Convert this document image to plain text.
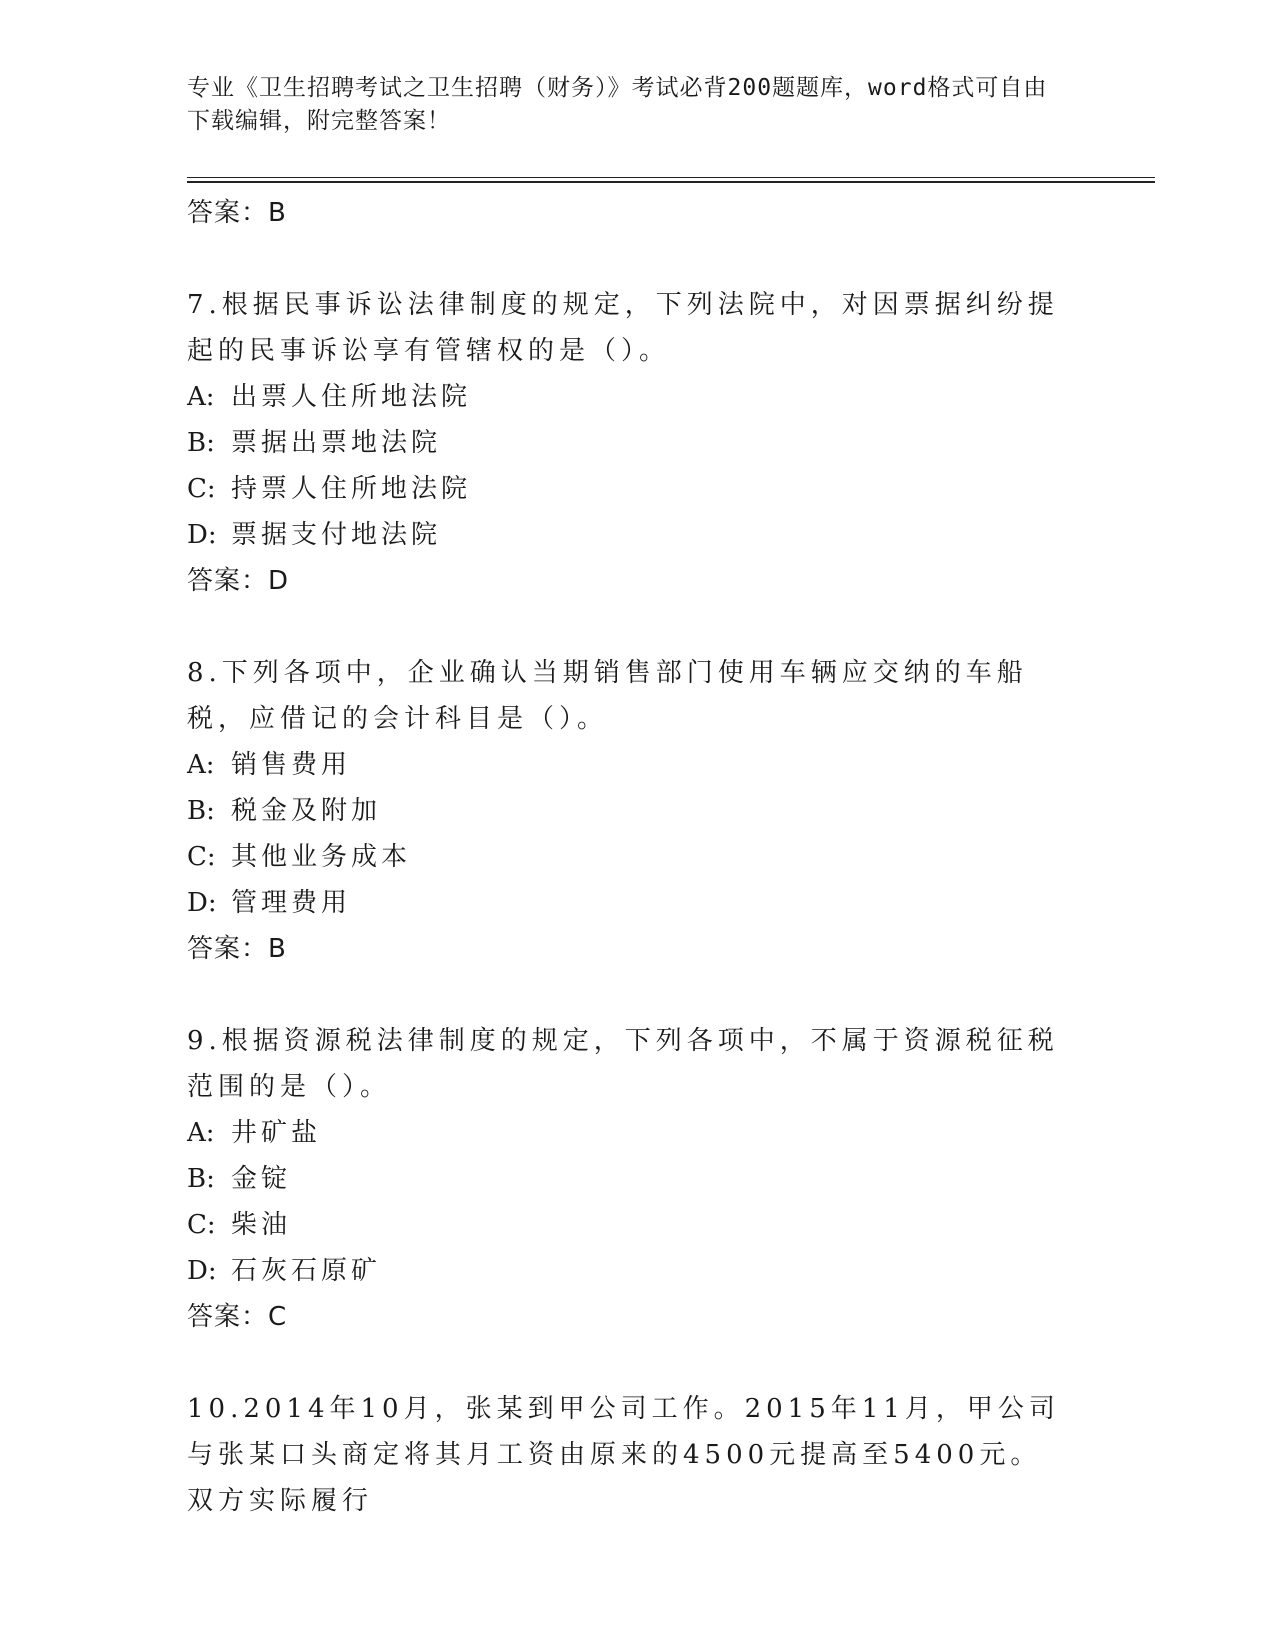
专业《卫生招聘考试之卫生招聘（财务）》考试必背200题题库，word格式可自由下载编辑，附完整答案！
答案：B
7.根据民事诉讼法律制度的规定，下列法院中，对因票据纠纷提起的民事诉讼享有管辖权的是（）。
A: 出票人住所地法院
B: 票据出票地法院
C: 持票人住所地法院
D: 票据支付地法院
答案：D
8.下列各项中，企业确认当期销售部门使用车辆应交纳的车船税，应借记的会计科目是（）。
A: 销售费用
B: 税金及附加
C: 其他业务成本
D: 管理费用
答案：B
9.根据资源税法律制度的规定，下列各项中，不属于资源税征税范围的是（）。
A: 井矿盐
B: 金锭
C: 柴油
D: 石灰石原矿
答案：C
10.2014年10月，张某到甲公司工作。2015年11月，甲公司与张某口头商定将其月工资由原来的4500元提高至5400元。双方实际履行
